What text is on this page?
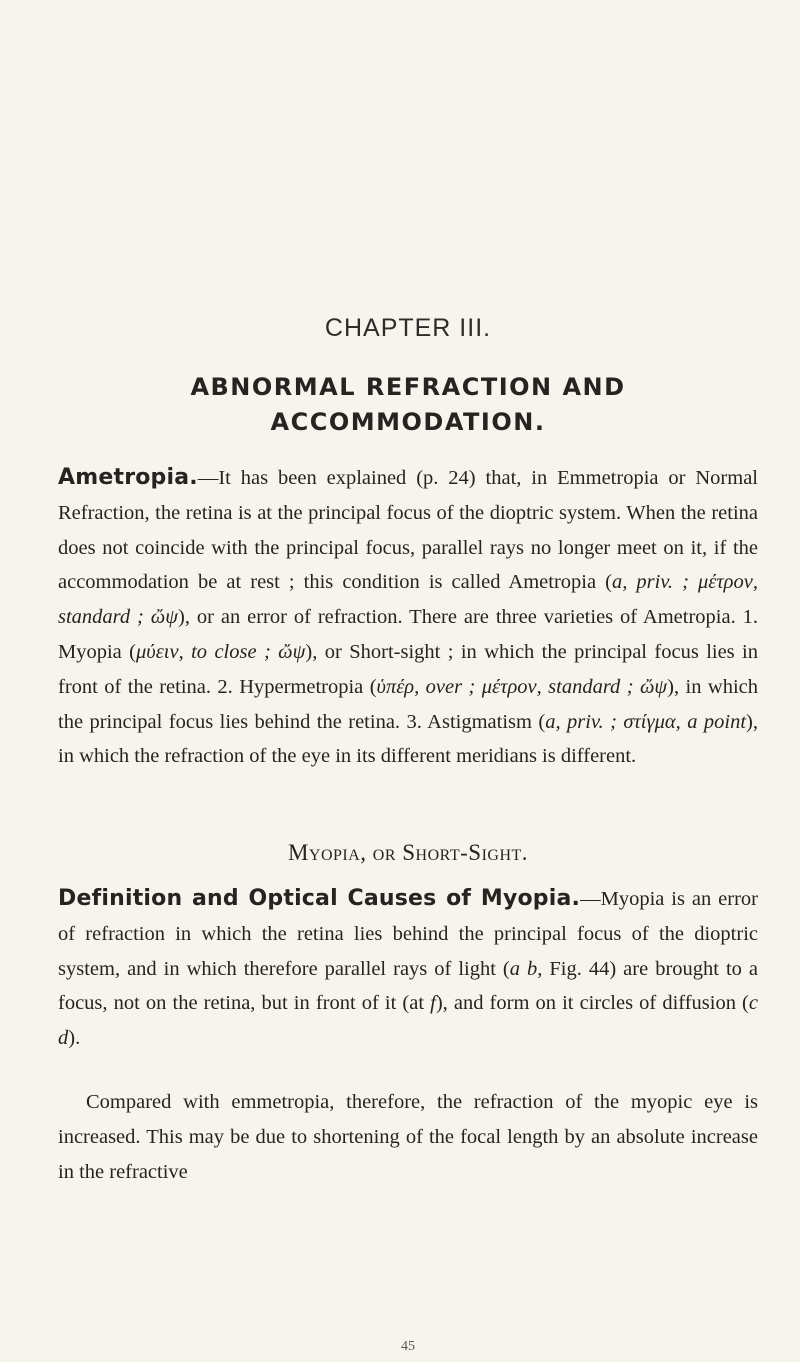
CHAPTER III.
ABNORMAL REFRACTION AND
ACCOMMODATION.

Ametropia.—It has been explained (p. 24) that, in Emmetropia or Normal Refraction, the retina is at the principal focus of the dioptric system. When the retina does not coincide with the principal focus, parallel rays no longer meet on it, if the accommodation be at rest ; this condition is called Ametropia (a, priv. ; μέτρον, standard ; ὤψ), or an error of refraction. There are three varieties of Ametropia. 1. Myopia (μύειν, to close ; ὤψ), or Short-sight ; in which the principal focus lies in front of the retina. 2. Hypermetropia (ὑπέρ, over ; μέτρον, standard ; ὤψ), in which the principal focus lies behind the retina. 3. Astigmatism (a, priv. ; στίγμα, a point), in which the refraction of the eye in its different meridians is different.

Myopia, or Short-Sight.

Definition and Optical Causes of Myopia.—Myopia is an error of refraction in which the retina lies behind the principal focus of the dioptric system, and in which therefore parallel rays of light (a b, Fig. 44) are brought to a focus, not on the retina, but in front of it (at f), and form on it circles of diffusion (c d).

Compared with emmetropia, therefore, the refraction of the myopic eye is increased. This may be due to shortening of the focal length by an absolute increase in the refractive

45
